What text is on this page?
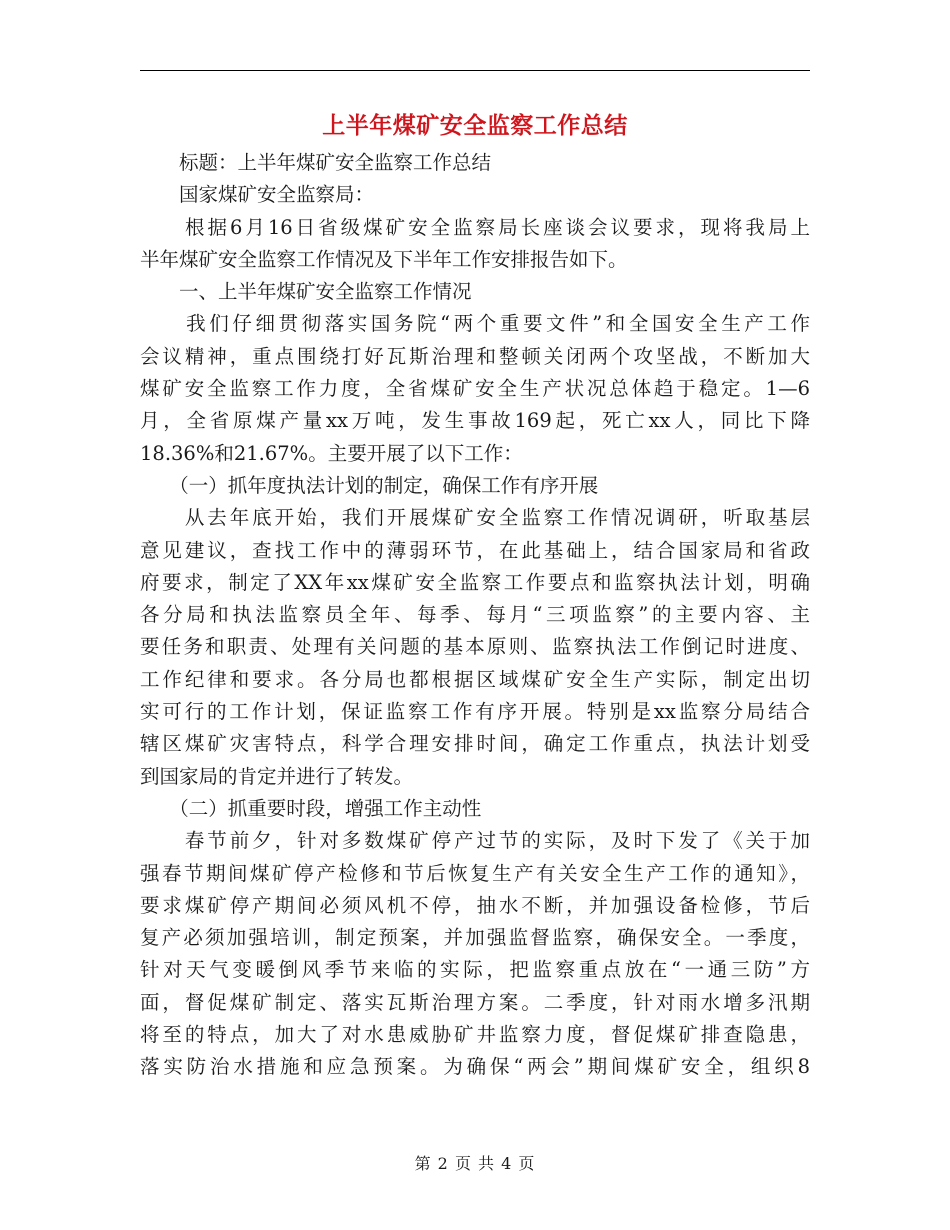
上半年煤矿安全监察工作总结
　　标题：上半年煤矿安全监察工作总结
　　国家煤矿安全监察局：
　　根据6月16日省级煤矿安全监察局长座谈会议要求，现将我局上
半年煤矿安全监察工作情况及下半年工作安排报告如下。
　　一、上半年煤矿安全监察工作情况
　　我们仔细贯彻落实国务院“两个重要文件”和全国安全生产工作
会议精神，重点围绕打好瓦斯治理和整顿关闭两个攻坚战，不断加大
煤矿安全监察工作力度，全省煤矿安全生产状况总体趋于稳定。1—6
月，全省原煤产量xx万吨，发生事故169起，死亡xx人，同比下降
18.36%和21.67%。主要开展了以下工作：
　　（一）抓年度执法计划的制定，确保工作有序开展
　　从去年底开始，我们开展煤矿安全监察工作情况调研，听取基层
意见建议，查找工作中的薄弱环节，在此基础上，结合国家局和省政
府要求，制定了XX年xx煤矿安全监察工作要点和监察执法计划，明确
各分局和执法监察员全年、每季、每月“三项监察”的主要内容、主
要任务和职责、处理有关问题的基本原则、监察执法工作倒记时进度、
工作纪律和要求。各分局也都根据区域煤矿安全生产实际，制定出切
实可行的工作计划，保证监察工作有序开展。特别是xx监察分局结合
辖区煤矿灾害特点，科学合理安排时间，确定工作重点，执法计划受
到国家局的肯定并进行了转发。
　　（二）抓重要时段，增强工作主动性
　　春节前夕，针对多数煤矿停产过节的实际，及时下发了《关于加
强春节期间煤矿停产检修和节后恢复生产有关安全生产工作的通知》，
要求煤矿停产期间必须风机不停，抽水不断，并加强设备检修，节后
复产必须加强培训，制定预案，并加强监督监察，确保安全。一季度，
针对天气变暖倒风季节来临的实际，把监察重点放在“一通三防”方
面，督促煤矿制定、落实瓦斯治理方案。二季度，针对雨水增多汛期
将至的特点，加大了对水患威胁矿井监察力度，督促煤矿排查隐患，
落实防治水措施和应急预案。为确保“两会”期间煤矿安全，组织8
第 2 页 共 4 页
